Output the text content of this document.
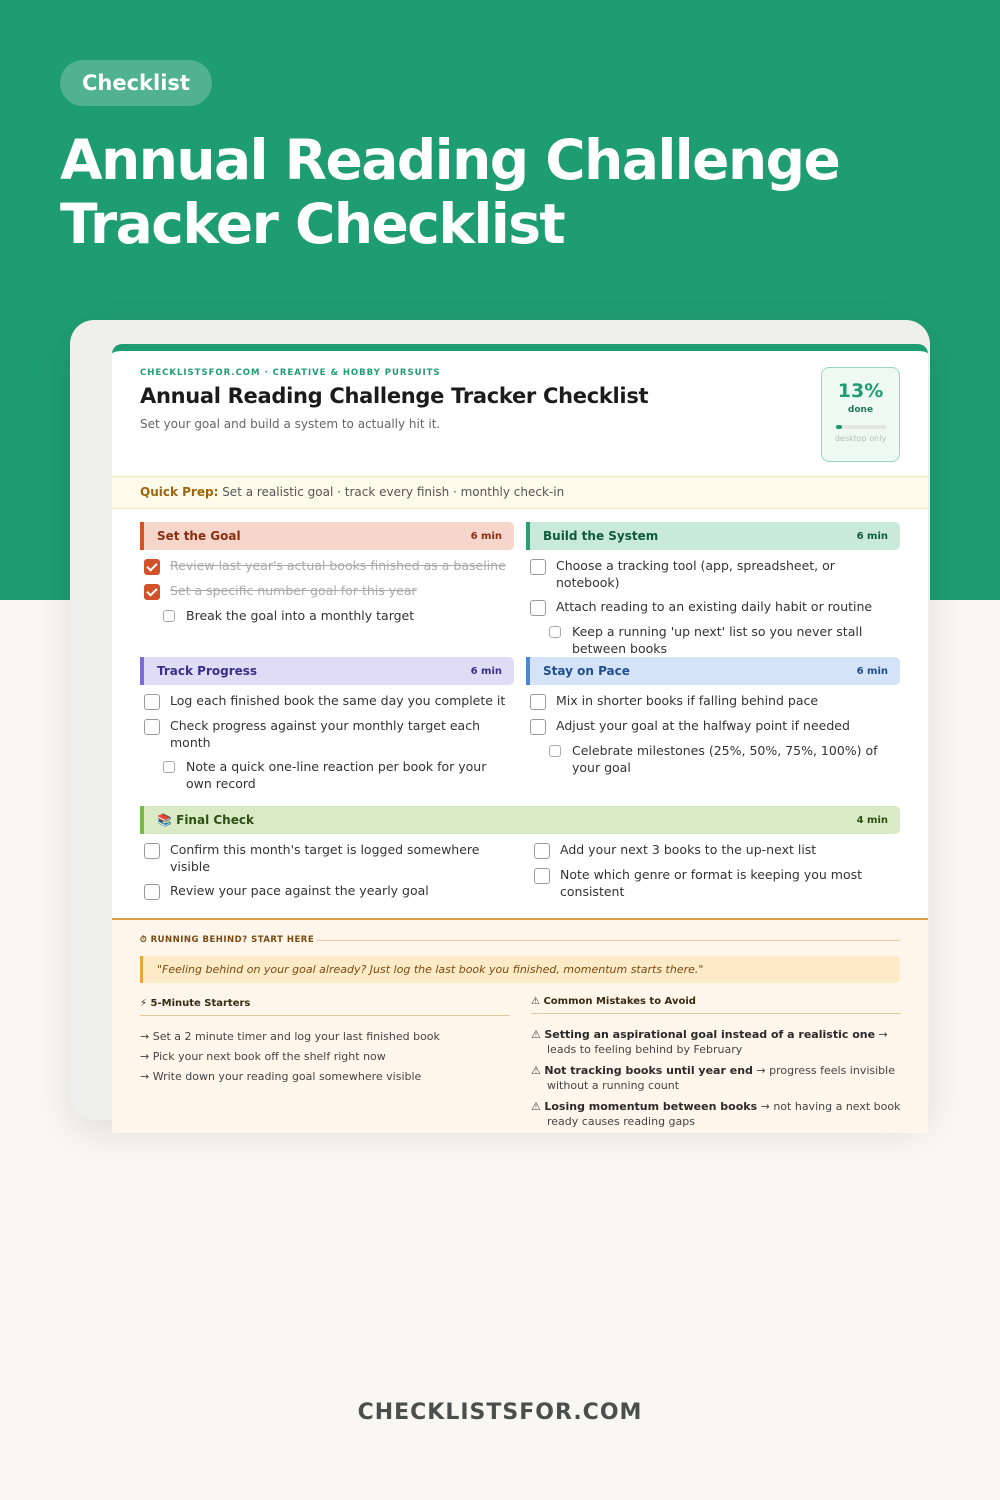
Checklist
Annual Reading Challenge Tracker Checklist
CHECKLISTSFOR.COM · CREATIVE & HOBBY PURSUITS
Annual Reading Challenge Tracker Checklist
Set your goal and build a system to actually hit it.
13%
done
desktop only
Quick Prep: Set a realistic goal · track every finish · monthly check-in
Set the Goal	6 min
Review last year's actual books finished as a baseline
Set a specific number goal for this year
Break the goal into a monthly target
Build the System	6 min
Choose a tracking tool (app, spreadsheet, or notebook)
Attach reading to an existing daily habit or routine
Keep a running 'up next' list so you never stall between books
Track Progress	6 min
Log each finished book the same day you complete it
Check progress against your monthly target each month
Note a quick one-line reaction per book for your own record
Stay on Pace	6 min
Mix in shorter books if falling behind pace
Adjust your goal at the halfway point if needed
Celebrate milestones (25%, 50%, 75%, 100%) of your goal
📚 Final Check	4 min
Confirm this month's target is logged somewhere visible
Review your pace against the yearly goal
Add your next 3 books to the up-next list
Note which genre or format is keeping you most consistent
⏱ RUNNING BEHIND? START HERE
"Feeling behind on your goal already? Just log the last book you finished, momentum starts there."
⚡ 5-Minute Starters
→ Set a 2 minute timer and log your last finished book
→ Pick your next book off the shelf right now
→ Write down your reading goal somewhere visible
⚠ Common Mistakes to Avoid
⚠ Setting an aspirational goal instead of a realistic one → leads to feeling behind by February
⚠ Not tracking books until year end → progress feels invisible without a running count
⚠ Losing momentum between books → not having a next book ready causes reading gaps
CHECKLISTSFOR.COM
